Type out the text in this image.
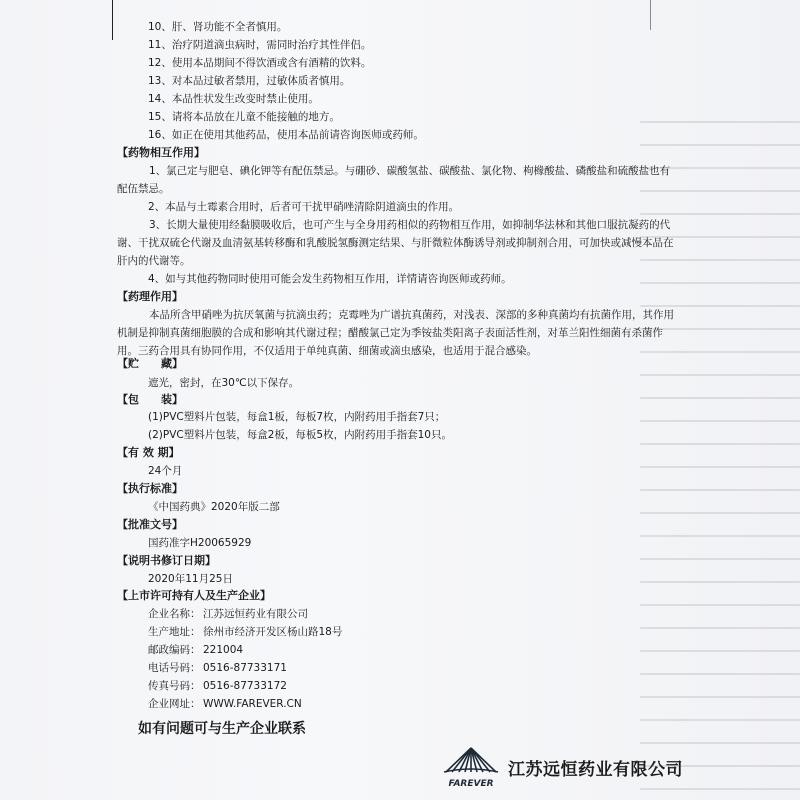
10、肝、肾功能不全者慎用。
11、治疗阴道滴虫病时，需同时治疗其性伴侣。
12、使用本品期间不得饮酒或含有酒精的饮料。
13、对本品过敏者禁用，过敏体质者慎用。
14、本品性状发生改变时禁止使用。
15、请将本品放在儿童不能接触的地方。
16、如正在使用其他药品，使用本品前请咨询医师或药师。
【药物相互作用】
1、氯己定与肥皂、碘化钾等有配伍禁忌。与硼砂、碳酸氢盐、碳酸盐、氯化物、枸橼酸盐、磷酸盐和硫酸盐也有配伍禁忌。
2、本品与土霉素合用时，后者可干扰甲硝唑清除阴道滴虫的作用。
3、长期大量使用经黏膜吸收后，也可产生与全身用药相似的药物相互作用，如抑制华法林和其他口服抗凝药的代谢、干扰双硫仑代谢及血清氨基转移酶和乳酸脱氢酶测定结果、与肝微粒体酶诱导剂或抑制剂合用，可加快或减慢本品在肝内的代谢等。
4、如与其他药物同时使用可能会发生药物相互作用，详情请咨询医师或药师。
【药理作用】
本品所含甲硝唑为抗厌氧菌与抗滴虫药；克霉唑为广谱抗真菌药，对浅表、深部的多种真菌均有抗菌作用，其作用机制是抑制真菌细胞膜的合成和影响其代谢过程；醋酸氯己定为季铵盐类阳离子表面活性剂，对革兰阳性细菌有杀菌作用。三药合用具有协同作用，不仅适用于单纯真菌、细菌或滴虫感染，也适用于混合感染。
【贮　　藏】
遮光，密封，在30℃以下保存。
【包　　装】
(1)PVC塑料片包装，每盒1板，每板7枚，内附药用手指套7只；
(2)PVC塑料片包装，每盒2板，每板5枚，内附药用手指套10只。
【有 效 期】
24个月
【执行标准】
《中国药典》2020年版二部
【批准文号】
国药准字H20065929
【说明书修订日期】
2020年11月25日
【上市许可持有人及生产企业】
企业名称： 江苏远恒药业有限公司
生产地址： 徐州市经济开发区杨山路18号
邮政编码： 221004
电话号码： 0516-87733171
传真号码： 0516-87733172
企业网址： WWW.FAREVER.CN
如有问题可与生产企业联系
FAREVER
江苏远恒药业有限公司
